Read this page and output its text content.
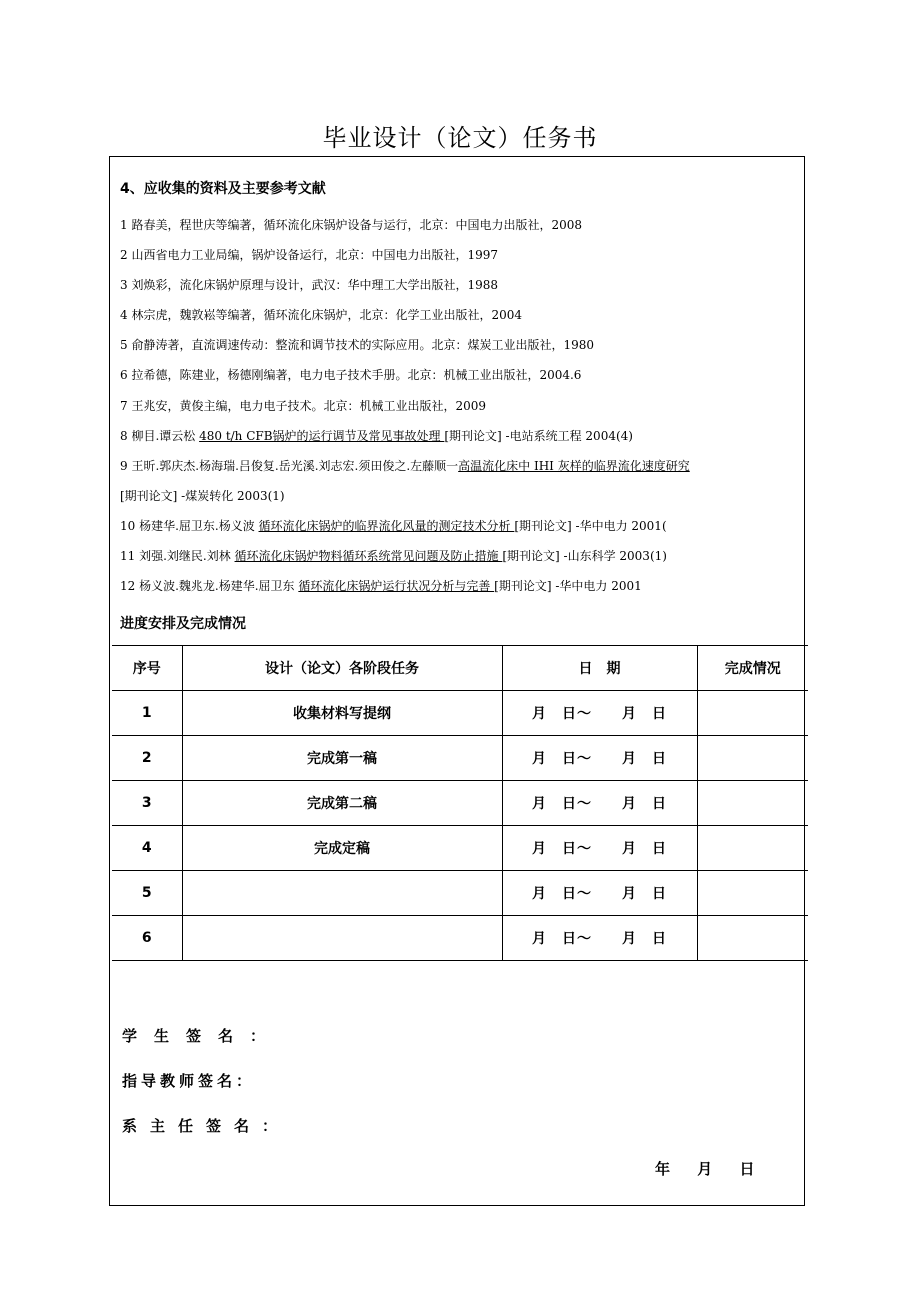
毕业设计（论文）任务书
4、应收集的资料及主要参考文献
1 路春美，程世庆等编著，循环流化床锅炉设备与运行，北京：中国电力出版社，2008
2 山西省电力工业局编，锅炉设备运行，北京：中国电力出版社，1997
3 刘焕彩，流化床锅炉原理与设计，武汉：华中理工大学出版社，1988
4 林宗虎，魏敦崧等编著，循环流化床锅炉，北京：化学工业出版社，2004
5 俞静涛著，直流调速传动：整流和调节技术的实际应用。北京：煤炭工业出版社，1980
6 拉希德，陈建业，杨德刚编著，电力电子技术手册。北京：机械工业出版社，2004.6
7 王兆安，黄俊主编，电力电子技术。北京：机械工业出版社，2009
8 柳目.谭云松 480 t/h CFB锅炉的运行调节及常见事故处理 [期刊论文] -电站系统工程 2004(4)
9 王昕.郭庆杰.杨海瑞.吕俊复.岳光溪.刘志宏.须田俊之.左藤顺一高温流化床中 IHI 灰样的临界流化速度研究
[期刊论文] -煤炭转化 2003(1)
10 杨建华.屈卫东.杨义波 循环流化床锅炉的临界流化风量的测定技术分析 [期刊论文] -华中电力 2001(
11 刘强.刘继民.刘林 循环流化床锅炉物料循环系统常见问题及防止措施 [期刊论文] -山东科学 2003(1)
12 杨义波.魏兆龙.杨建华.屈卫东 循环流化床锅炉运行状况分析与完善 [期刊论文] -华中电力 2001
进度安排及完成情况
序号	设计（论文）各阶段任务	日　期	完成情况
1	收集材料写提纲	月　日～　　月　日	
2	完成第一稿	月　日～　　月　日	
3	完成第二稿	月　日～　　月　日	
4	完成定稿	月　日～　　月　日	
5		月　日～　　月　日	
6		月　日～　　月　日	
学生签名：
指导教师签名：
系主任签名：
年 月 日
